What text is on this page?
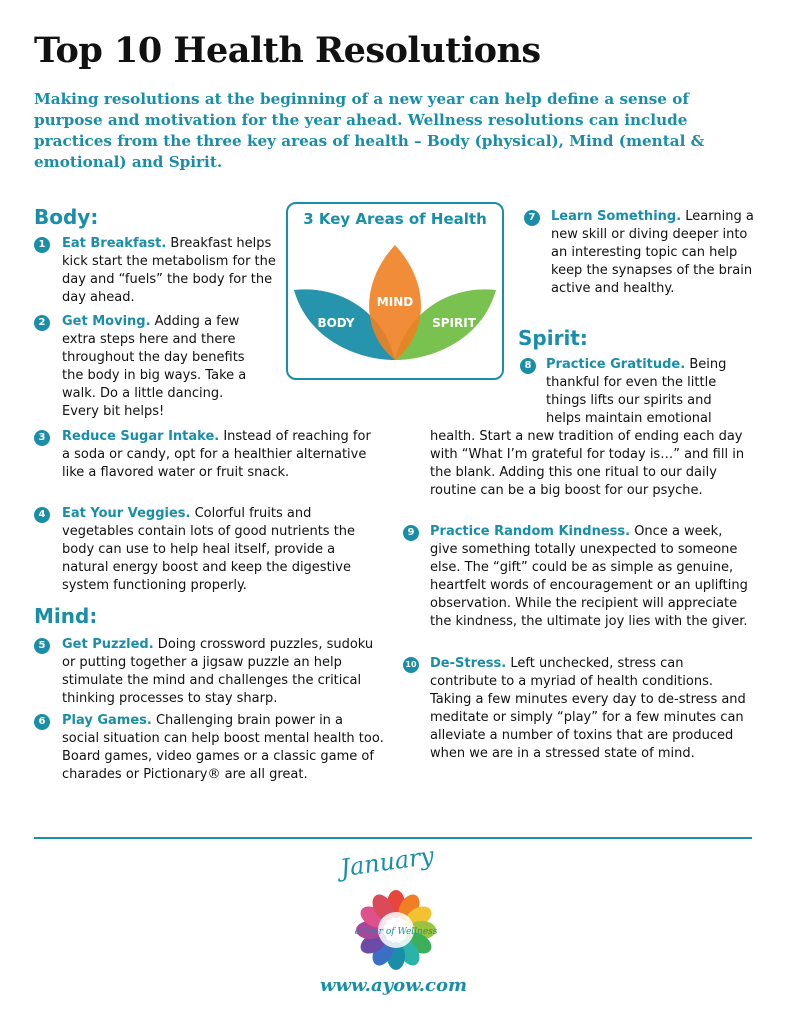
Top 10 Health Resolutions

Making resolutions at the beginning of a new year can help define a sense of purpose and motivation for the year ahead. Wellness resolutions can include practices from the three key areas of health – Body (physical), Mind (mental & emotional) and Spirit.

Body:
Mind:
Spirit:
3 Key Areas of Health
MIND
BODY	SPIRIT
1	Eat Breakfast. Breakfast helps kick start the metabolism for the day and “fuels” the body for the day ahead.
2	Get Moving. Adding a few extra steps here and there throughout the day benefits the body in big ways. Take a walk. Do a little dancing. Every bit helps!
3	Reduce Sugar Intake. Instead of reaching for a soda or candy, opt for a healthier alternative like a flavored water or fruit snack.
4	Eat Your Veggies. Colorful fruits and vegetables contain lots of good nutrients the body can use to help heal itself, provide a natural energy boost and keep the digestive system functioning properly.
5	Get Puzzled. Doing crossword puzzles, sudoku or putting together a jigsaw puzzle an help stimulate the mind and challenges the critical thinking processes to stay sharp.
6	Play Games. Challenging brain power in a social situation can help boost mental health too. Board games, video games or a classic game of charades or Pictionary® are all great.
7	Learn Something. Learning a new skill or diving deeper into an interesting topic can help keep the synapses of the brain active and healthy.
8	Practice Gratitude. Being thankful for even the little things lifts our spirits and helps maintain emotional
health. Start a new tradition of ending each day with “What I’m grateful for today is…” and fill in the blank. Adding this one ritual to our daily routine can be a big boost for our psyche.
9	Practice Random Kindness. Once a week, give something totally unexpected to someone else. The “gift” could be as simple as genuine, heartfelt words of encouragement or an uplifting observation. While the recipient will appreciate the kindness, the ultimate joy lies with the giver.
10 De-Stress. Left unchecked, stress can contribute to a myriad of health conditions. Taking a few minutes every day to de-stress and meditate or simply “play” for a few minutes can alleviate a number of toxins that are produced when we are in a stressed state of mind.
January
a Year of Wellness
www.ayow.com
